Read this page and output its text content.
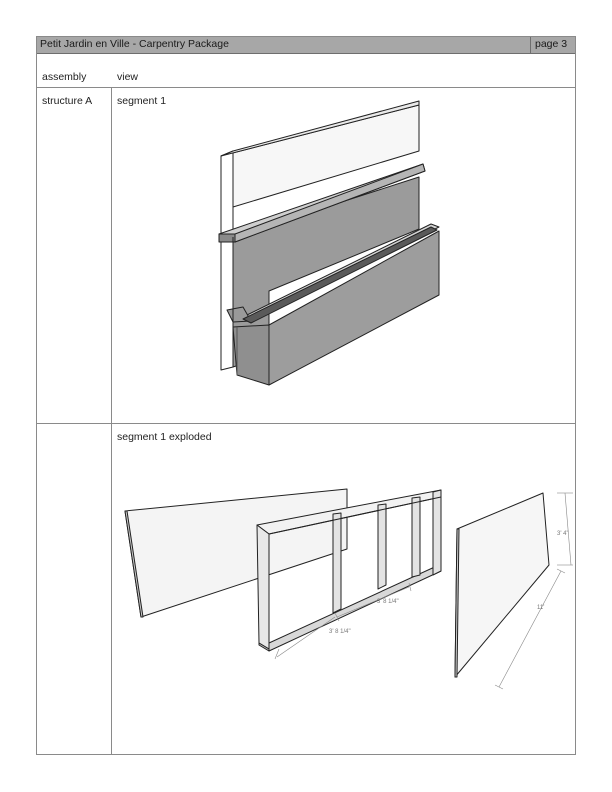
Petit Jardin en Ville - Carpentry Package	page 3
assembly	view
structure A segment 1
segment 1 exploded
3' 8 1/4"
3' 8 1/4"
3' 4"
11'
